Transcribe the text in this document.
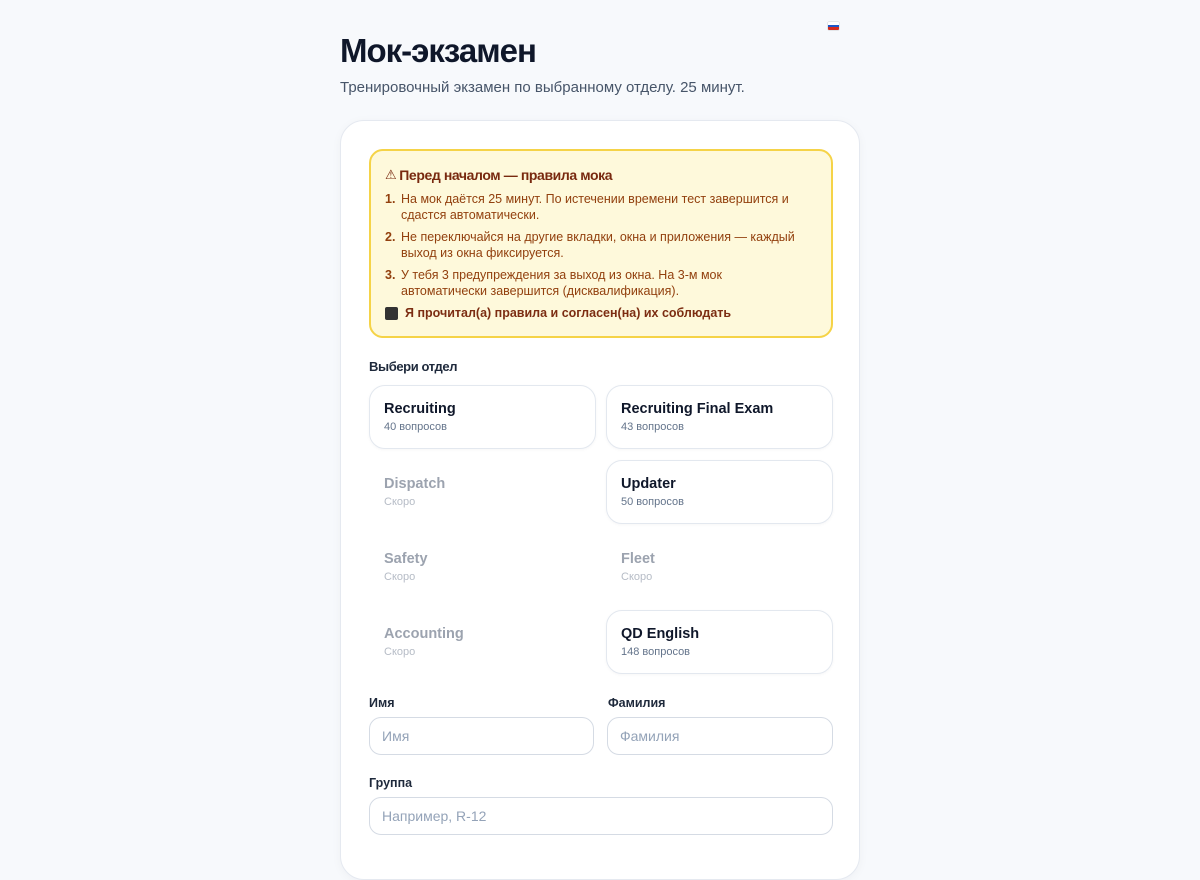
Мок-экзамен

Тренировочный экзамен по выбранному отделу. 25 минут.

⚠ Перед началом — правила мока
1. На мок даётся 25 минут. По истечении времени тест завершится и сдастся автоматически.
2. Не переключайся на другие вкладки, окна и приложения — каждый выход из окна фиксируется.
3. У тебя 3 предупреждения за выход из окна. На 3-м мок автоматически завершится (дисквалификация).
Я прочитал(а) правила и согласен(на) их соблюдать
Выбери отдел
Recruiting
40 вопросов
Recruiting Final Exam
43 вопросов
Dispatch
Скоро
Updater
50 вопросов
Safety
Скоро
Fleet
Скоро
Accounting
Скоро
QD English
148 вопросов
Имя
Имя	Фамилия
Фамилия
Группа
Например, R-12
